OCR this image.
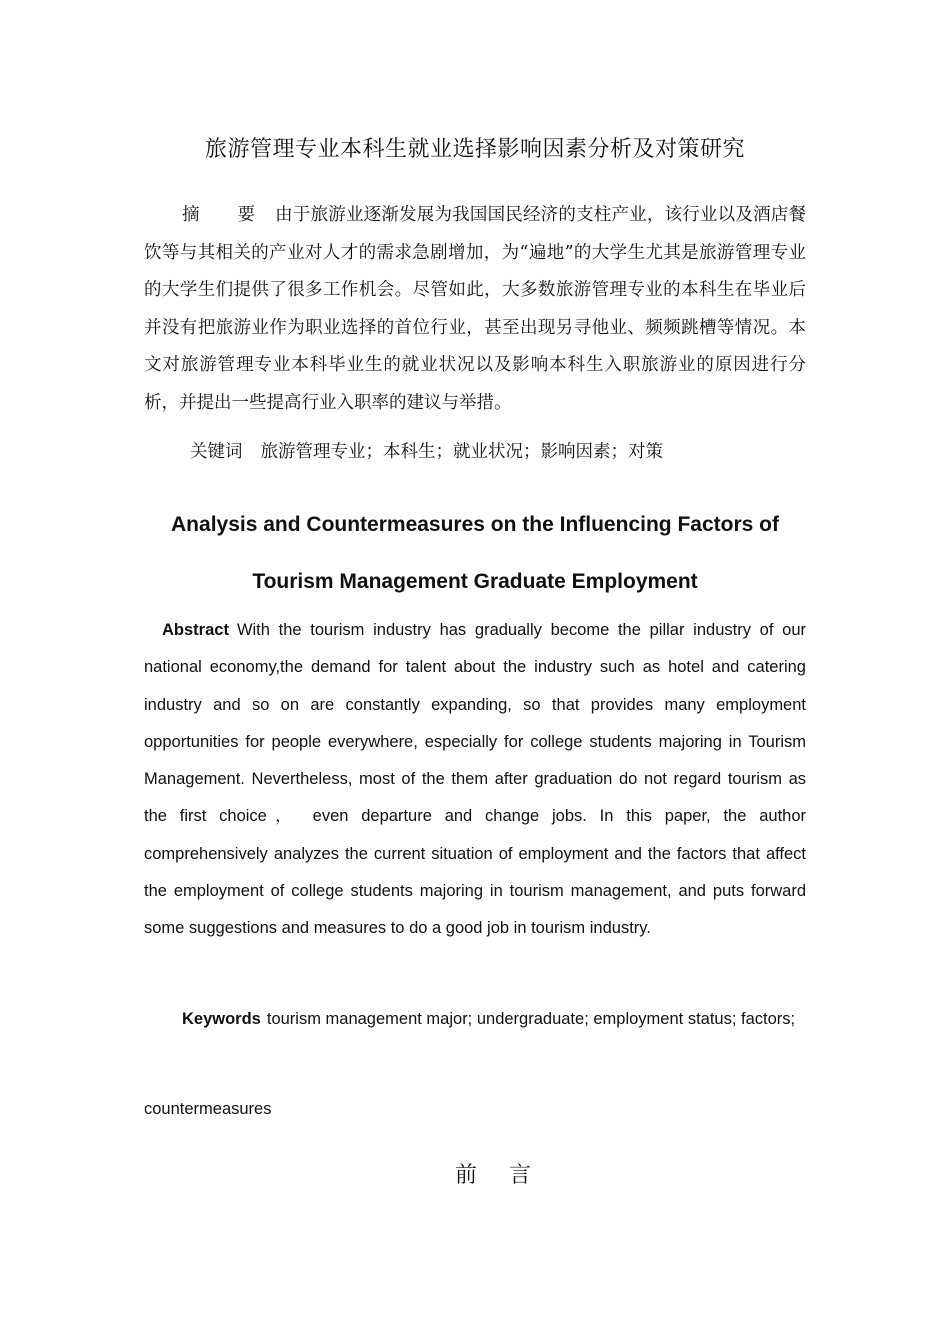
旅游管理专业本科生就业选择影响因素分析及对策研究

摘 要 由于旅游业逐渐发展为我国国民经济的支柱产业，该行业以及酒店餐饮等与其相关的产业对人才的需求急剧增加，为“遍地”的大学生尤其是旅游管理专业的大学生们提供了很多工作机会。尽管如此，大多数旅游管理专业的本科生在毕业后并没有把旅游业作为职业选择的首位行业，甚至出现另寻他业、频频跳槽等情况。本文对旅游管理专业本科毕业生的就业状况以及影响本科生入职旅游业的原因进行分析，并提出一些提高行业入职率的建议与举措。

关键词 旅游管理专业；本科生；就业状况；影响因素；对策
Analysis and Countermeasures on the Influencing Factors of
Tourism Management Graduate Employment

Abstract With the tourism industry has gradually become the pillar industry of our national economy,the demand for talent about the industry such as hotel and catering industry and so on are constantly expanding, so that provides many employment opportunities for people everywhere, especially for college students majoring in Tourism Management. Nevertheless, most of the them after graduation do not regard tourism as the first choice， even departure and change jobs. In this paper, the author comprehensively analyzes the current situation of employment and the factors that affect the employment of college students majoring in tourism management, and puts forward some suggestions and measures to do a good job in tourism industry.

Keywords tourism management major; undergraduate; employment status; factors;

countermeasures

前 言
